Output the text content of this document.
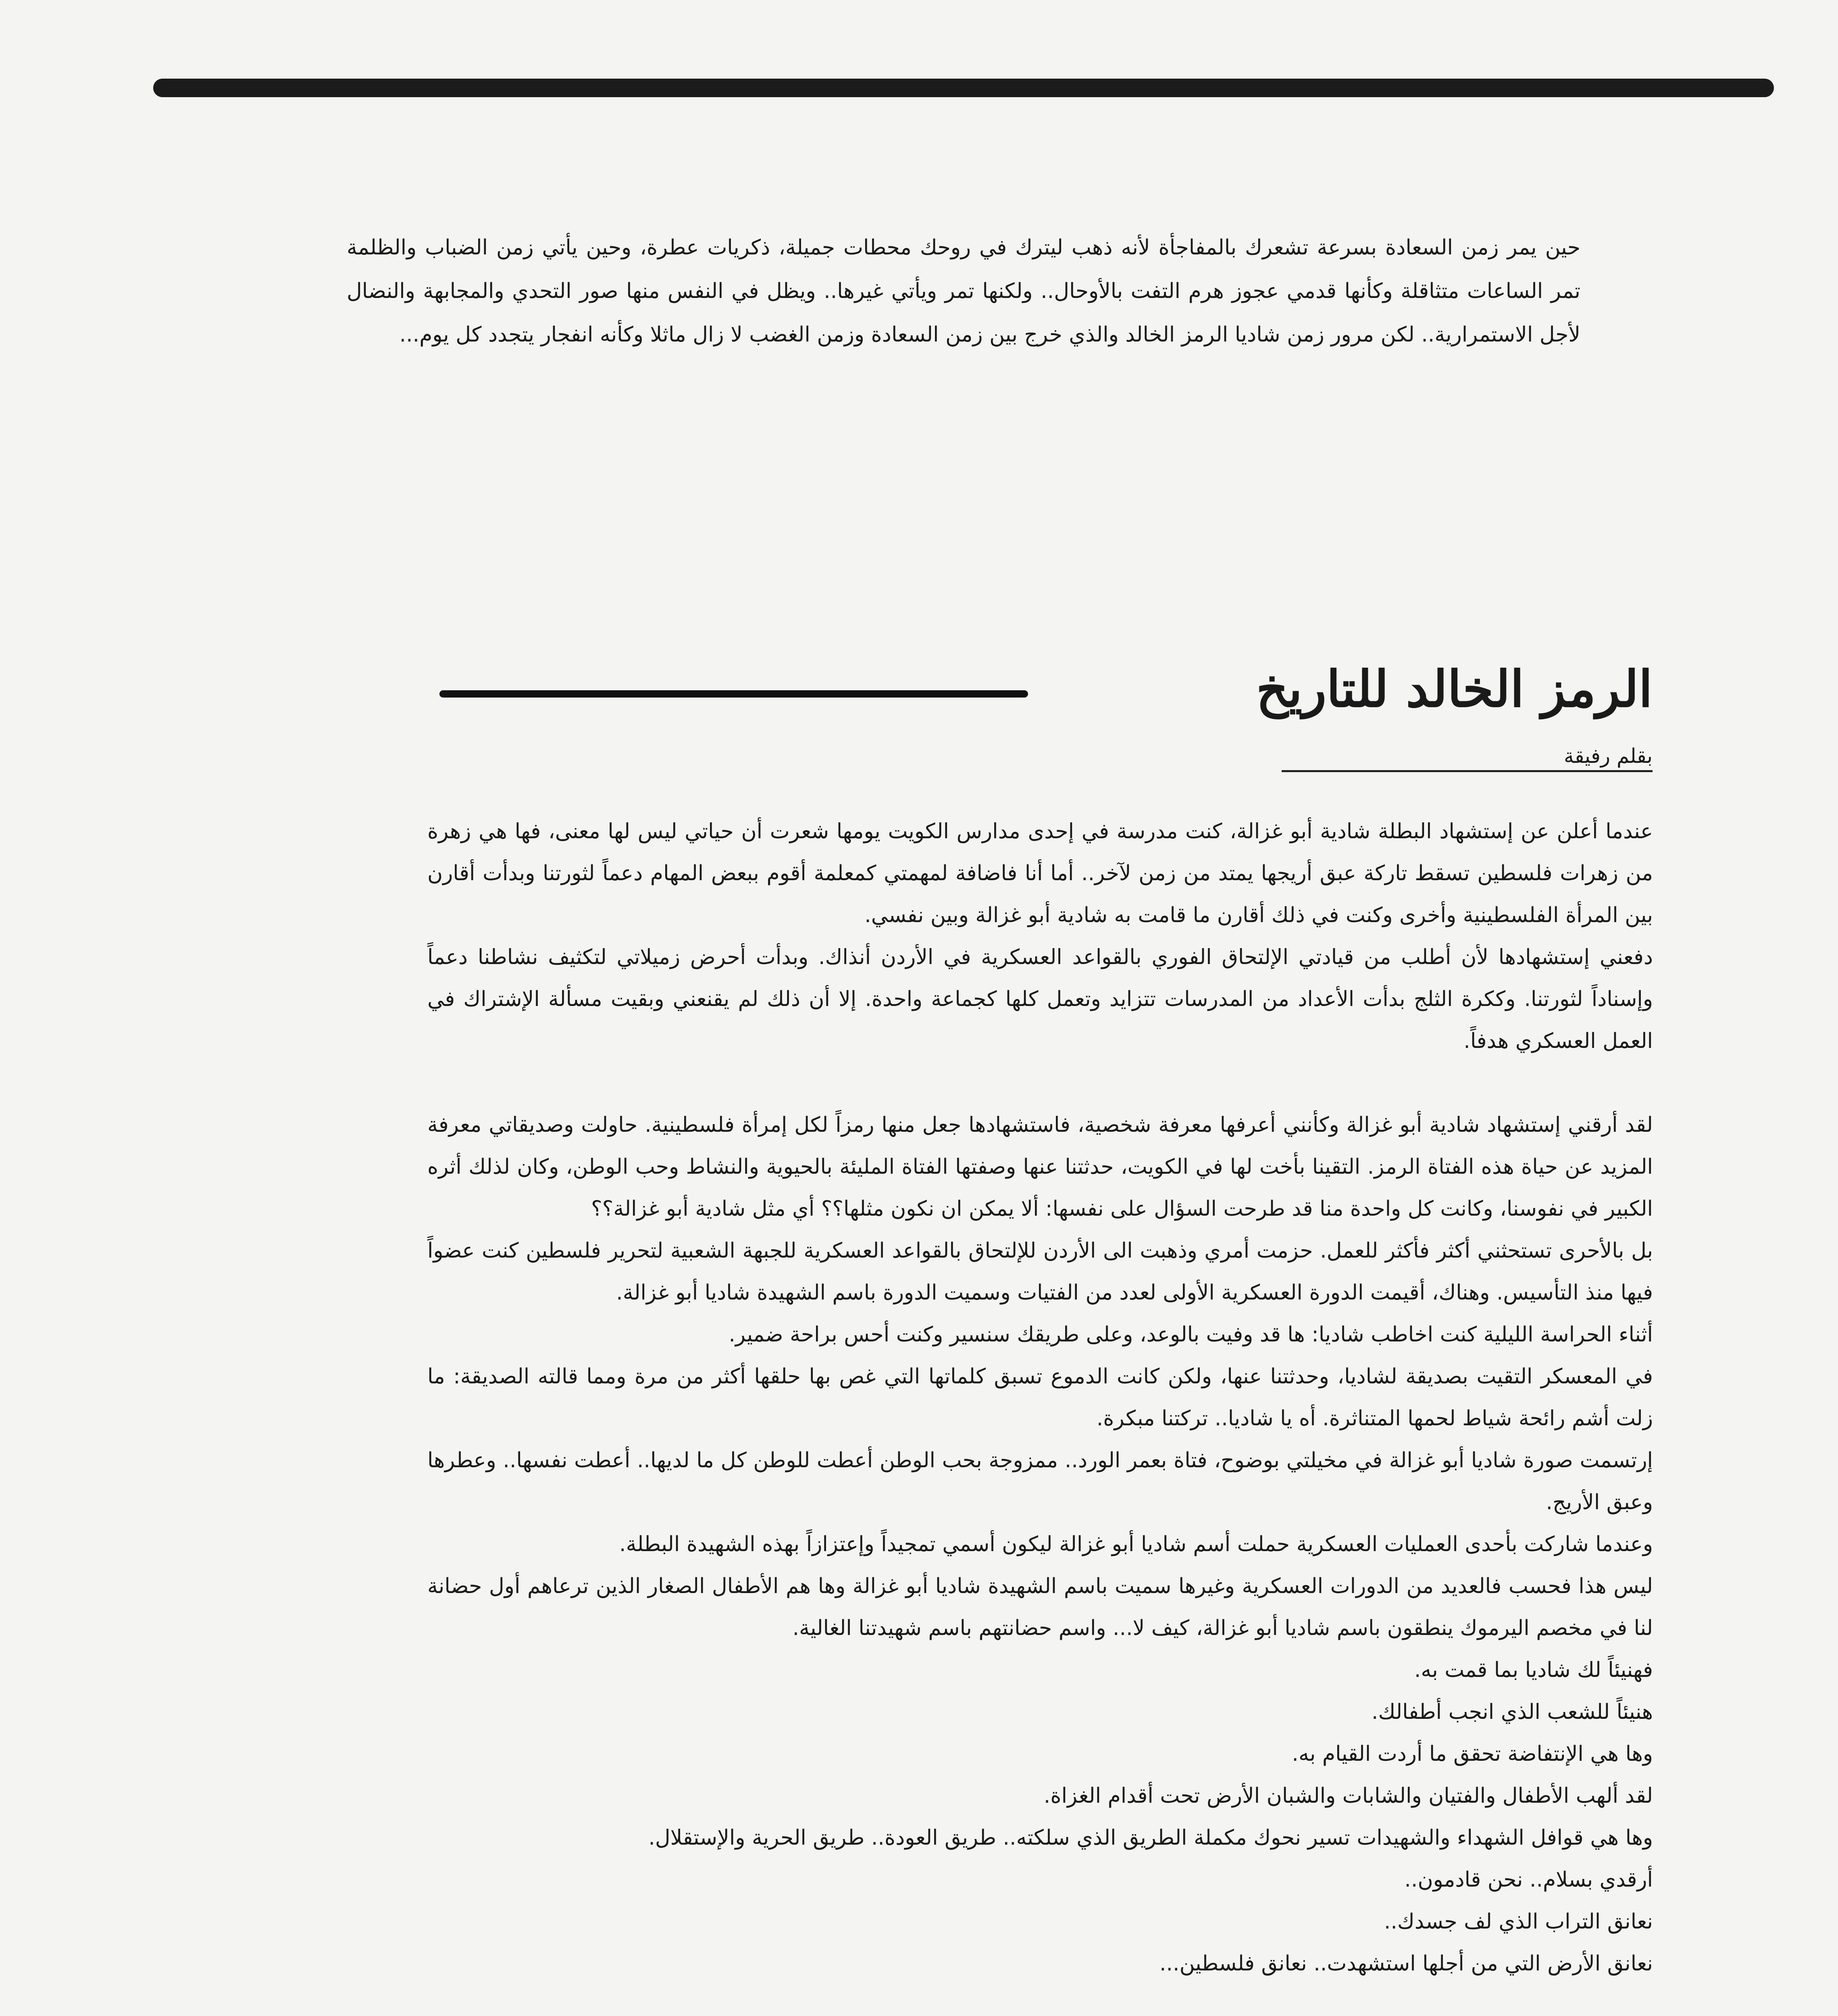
حين يمر زمن السعادة بسرعة تشعرك بالمفاجأة لأنه ذهب ليترك في روحك محطات جميلة، ذكريات عطرة، وحين يأتي زمن الضباب والظلمة تمر الساعات متثاقلة وكأنها قدمي عجوز هرم التفت بالأوحال.. ولكنها تمر ويأتي غيرها.. ويظل في النفس منها صور التحدي والمجابهة والنضال لأجل الاستمرارية.. لكن مرور زمن شاديا الرمز الخالد والذي خرج بين زمن السعادة وزمن الغضب لا زال ماثلا وكأنه انفجار يتجدد كل يوم...

الرمز الخالد للتاريخ
بقلم رفيقة

عندما أعلن عن إستشهاد البطلة شادية أبو غزالة، كنت مدرسة في إحدى مدارس الكويت يومها شعرت أن حياتي ليس لها معنى، فها هي زهرة من زهرات فلسطين تسقط تاركة عبق أريجها يمتد من زمن لآخر.. أما أنا فاضافة لمهمتي كمعلمة أقوم ببعض المهام دعماً لثورتنا وبدأت أقارن بين المرأة الفلسطينية وأخرى وكنت في ذلك أقارن ما قامت به شادية أبو غزالة وبين نفسي.

دفعني إستشهادها لأن أطلب من قيادتي الإلتحاق الفوري بالقواعد العسكرية في الأردن أنذاك. وبدأت أحرض زميلاتي لتكثيف نشاطنا دعماً وإسناداً لثورتنا. وككرة الثلج بدأت الأعداد من المدرسات تتزايد وتعمل كلها كجماعة واحدة. إلا أن ذلك لم يقنعني وبقيت مسألة الإشتراك في العمل العسكري هدفاً.

لقد أرقني إستشهاد شادية أبو غزالة وكأنني أعرفها معرفة شخصية، فاستشهادها جعل منها رمزاً لكل إمرأة فلسطينية. حاولت وصديقاتي معرفة المزيد عن حياة هذه الفتاة الرمز. التقينا بأخت لها في الكويت، حدثتنا عنها وصفتها الفتاة المليئة بالحيوية والنشاط وحب الوطن، وكان لذلك أثره الكبير في نفوسنا، وكانت كل واحدة منا قد طرحت السؤال على نفسها: ألا يمكن ان نكون مثلها؟؟ أي مثل شادية أبو غزالة؟؟

بل بالأحرى تستحثني أكثر فأكثر للعمل. حزمت أمري وذهبت الى الأردن للإلتحاق بالقواعد العسكرية للجبهة الشعبية لتحرير فلسطين كنت عضواً فيها منذ التأسيس. وهناك، أقيمت الدورة العسكرية الأولى لعدد من الفتيات وسميت الدورة باسم الشهيدة شاديا أبو غزالة.

أثناء الحراسة الليلية كنت اخاطب شاديا: ها قد وفيت بالوعد، وعلى طريقك سنسير وكنت أحس براحة ضمير.

في المعسكر التقيت بصديقة لشاديا، وحدثتنا عنها، ولكن كانت الدموع تسبق كلماتها التي غص بها حلقها أكثر من مرة ومما قالته الصديقة: ما زلت أشم رائحة شياط لحمها المتناثرة. أه يا شاديا.. تركتنا مبكرة.

إرتسمت صورة شاديا أبو غزالة في مخيلتي بوضوح، فتاة بعمر الورد.. ممزوجة بحب الوطن أعطت للوطن كل ما لديها.. أعطت نفسها.. وعطرها وعبق الأريج.

وعندما شاركت بأحدى العمليات العسكرية حملت أسم شاديا أبو غزالة ليكون أسمي تمجيداً وإعتزازاً بهذه الشهيدة البطلة.

ليس هذا فحسب فالعديد من الدورات العسكرية وغيرها سميت باسم الشهيدة شاديا أبو غزالة وها هم الأطفال الصغار الذين ترعاهم أول حضانة لنا في مخصم اليرموك ينطقون باسم شاديا أبو غزالة، كيف لا... واسم حضانتهم باسم شهيدتنا الغالية.

فهنيئاً لك شاديا بما قمت به.

هنيئاً للشعب الذي انجب أطفالك.

وها هي الإنتفاضة تحقق ما أردت القيام به.

لقد ألهب الأطفال والفتيان والشابات والشبان الأرض تحت أقدام الغزاة.

وها هي قوافل الشهداء والشهيدات تسير نحوك مكملة الطريق الذي سلكته.. طريق العودة.. طريق الحرية والإستقلال.

أرقدي بسلام.. نحن قادمون..

نعانق التراب الذي لف جسدك..

نعانق الأرض التي من أجلها استشهدت.. نعانق فلسطين...
